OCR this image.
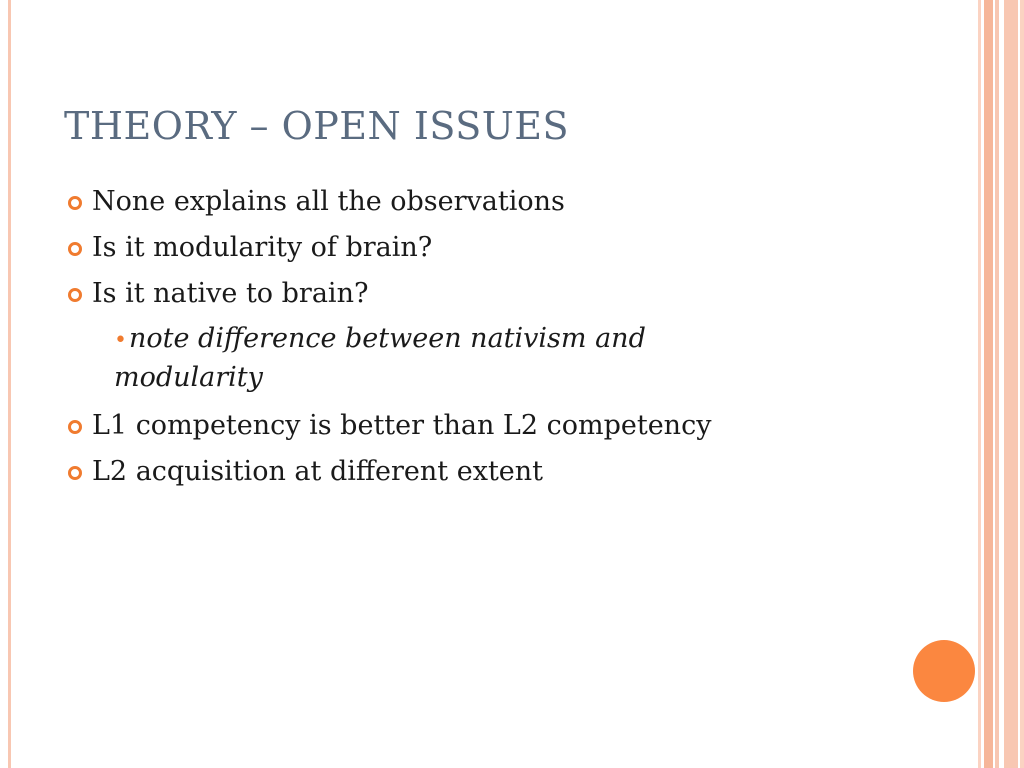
THEORY – OPEN ISSUES
None explains all the observations
Is it modularity of brain?
Is it native to brain?
•note difference between nativism and modularity
L1 competency is better than L2 competency
L2 acquisition at different extent
